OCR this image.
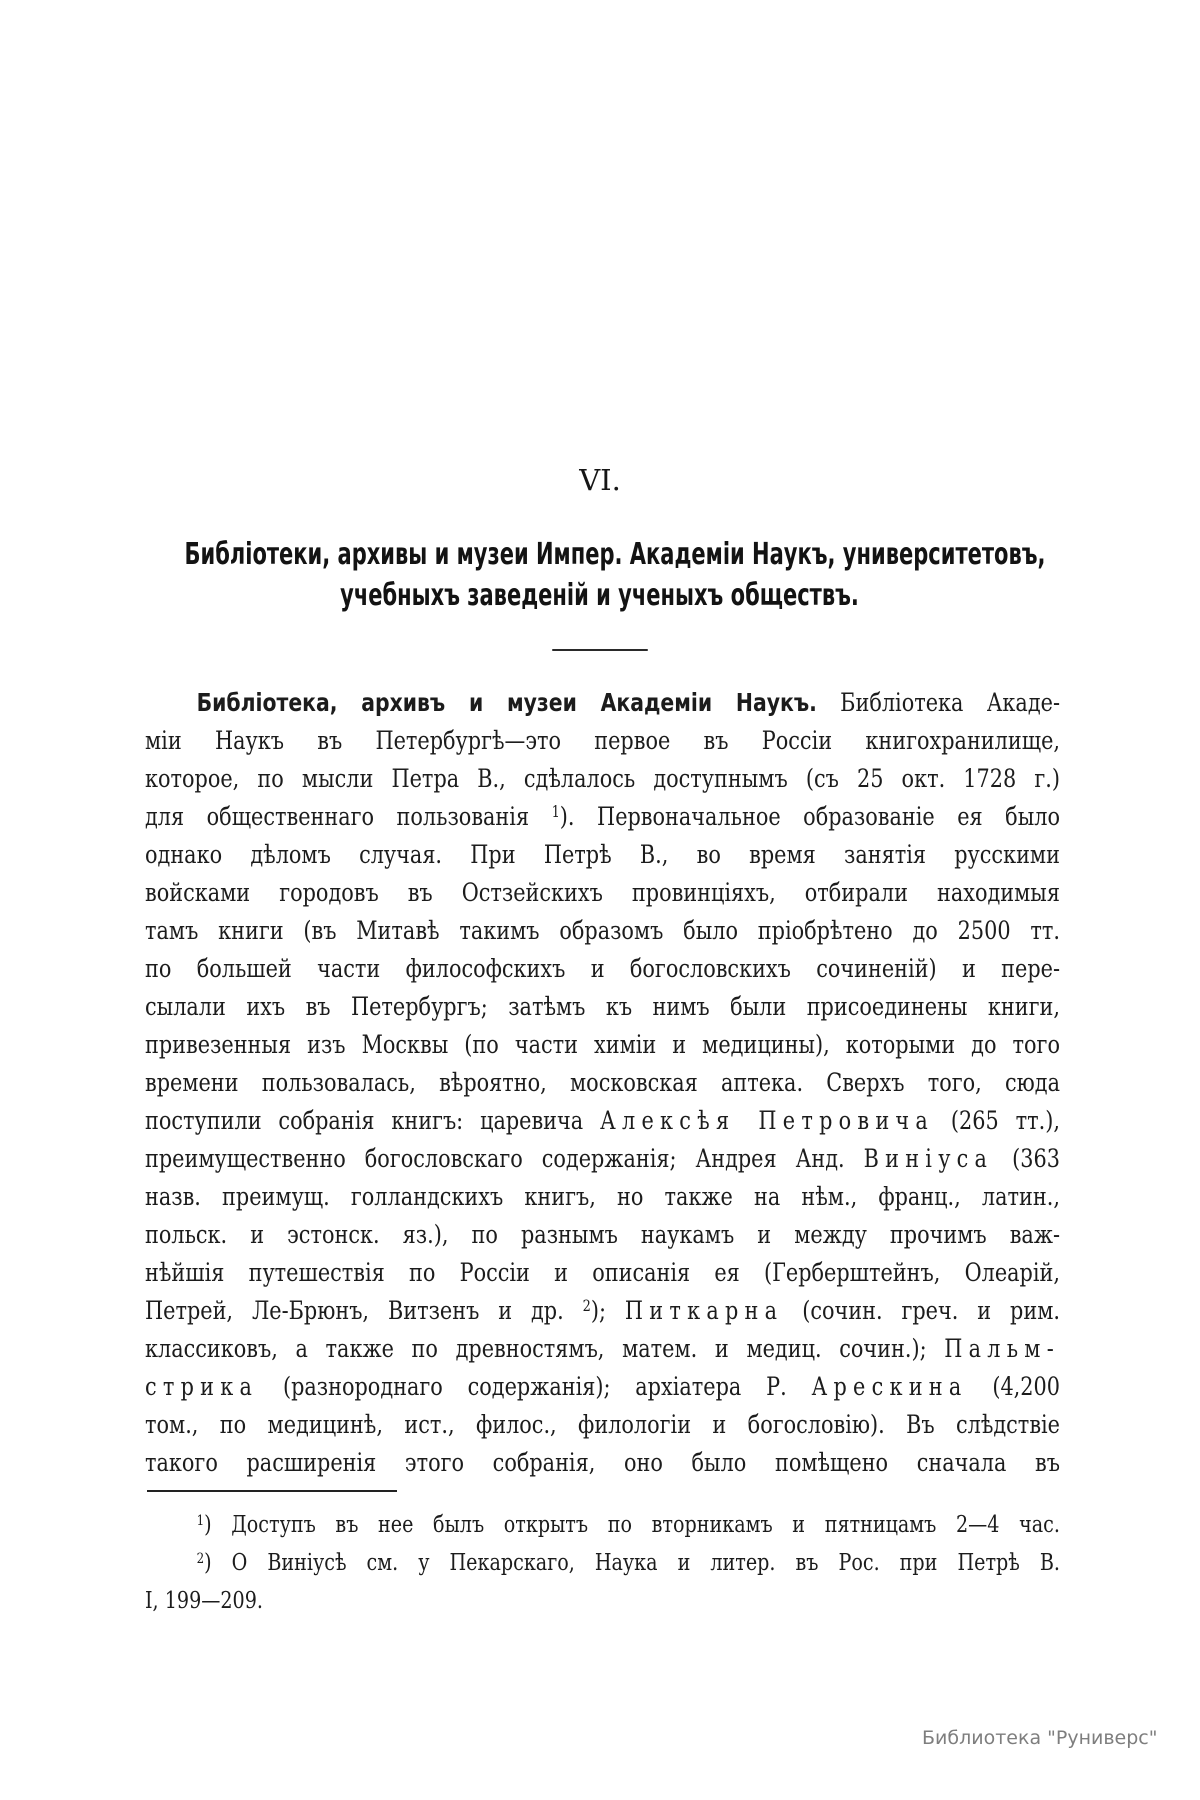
VI.
Библіотеки, архивы и музеи Импер. Академіи Наукъ, университетовъ,
учебныхъ заведеній и ученыхъ обществъ.
Библіотека, архивъ и музеи Академіи Наукъ. Библіотека Акаде-
міи Наукъ въ Петербургѣ—это первое въ Россіи книгохранилище,
которое, по мысли Петра В., сдѣлалось доступнымъ (съ 25 окт. 1728 г.)
для общественнаго пользованія $^1$). Первоначальное образованіе ея было
однако дѣломъ случая. При Петрѣ В., во время занятія русскими
войсками городовъ въ Остзейскихъ провинціяхъ, отбирали находимыя
тамъ книги (въ Митавѣ такимъ образомъ было пріобрѣтено до 2500 тт.
по большей части философскихъ и богословскихъ сочиненій) и пере-
сылали ихъ въ Петербургъ; затѣмъ къ нимъ были присоединены книги,
привезенныя изъ Москвы (по части химіи и медицины), которыми до того
времени пользовалась, вѣроятно, московская аптека. Сверхъ того, сюда
поступили собранія книгъ: царевича Алексѣя Петровича (265 тт.),
преимущественно богословскаго содержанія; Андрея Анд. Виніуса (363
назв. преимущ. голландскихъ книгъ, но также на нѣм., франц., латин.,
польск. и эстонск. яз.), по разнымъ наукамъ и между прочимъ важ-
нѣйшія путешествія по Россіи и описанія ея (Герберштейнъ, Олеарій,
Петрей, Ле-Брюнъ, Витзенъ и др. $^2$); Питкарна (сочин. греч. и рим.
классиковъ, а также по древностямъ, матем. и медиц. сочин.); Пальм-
стрика (разнороднаго содержанія); архіатера Р. Арескина (4,200
том., по медицинѣ, ист., филос., филологіи и богословію). Въ слѣдствіе
такого расширенія этого собранія, оно было помѣщено сначала въ
$^1$) Доступъ въ нее былъ открытъ по вторникамъ и пятницамъ 2—4 час.
$^2$) О Виніусѣ см. у Пекарскаго, Наука и литер. въ Рос. при Петрѣ В.
I, 199—209.
Библиотека "Руниверс"
